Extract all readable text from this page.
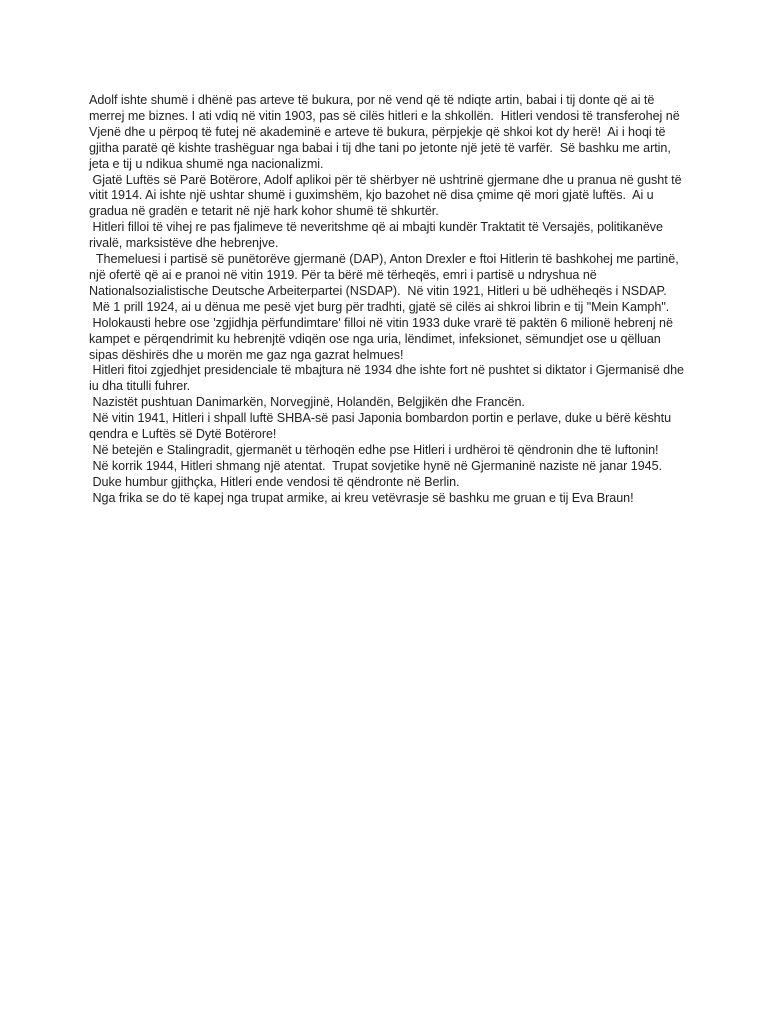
Adolf ishte shumë i dhënë pas arteve të bukura, por në vend që të ndiqte artin, babai i tij donte që ai të merrej me biznes. I ati vdiq në vitin 1903, pas së cilës hitleri e la shkollën.  Hitleri vendosi të transferohej në Vjenë dhe u përpoq të futej në akademinë e arteve të bukura, përpjekje që shkoi kot dy herë!  Ai i hoqi të gjitha paratë që kishte trashëguar nga babai i tij dhe tani po jetonte një jetë të varfër.  Së bashku me artin, jeta e tij u ndikua shumë nga nacionalizmi.

Gjatë Luftës së Parë Botërore, Adolf aplikoi për të shërbyer në ushtrinë gjermane dhe u pranua në gusht të vitit 1914. Ai ishte një ushtar shumë i guximshëm, kjo bazohet në disa çmime që mori gjatë luftës.  Ai u gradua në gradën e tetarit në një hark kohor shumë të shkurtër.

Hitleri filloi të vihej re pas fjalimeve të neveritshme që ai mbajti kundër Traktatit të Versajës, politikanëve rivalë, marksistëve dhe hebrenjve.

Themeluesi i partisë së punëtorëve gjermanë (DAP), Anton Drexler e ftoi Hitlerin të bashkohej me partinë, një ofertë që ai e pranoi në vitin 1919. Për ta bërë më tërheqës, emri i partisë u ndryshua në Nationalsozialistische Deutsche Arbeiterpartei (NSDAP).  Në vitin 1921, Hitleri u bë udhëheqës i NSDAP.

Më 1 prill 1924, ai u dënua me pesë vjet burg për tradhti, gjatë së cilës ai shkroi librin e tij "Mein Kamph".

Holokausti hebre ose 'zgjidhja përfundimtare' filloi në vitin 1933 duke vrarë të paktën 6 milionë hebrenj në kampet e përqendrimit ku hebrenjtë vdiqën ose nga uria, lëndimet, infeksionet, sëmundjet ose u qëlluan sipas dëshirës dhe u morën me gaz nga gazrat helmues!

Hitleri fitoi zgjedhjet presidenciale të mbajtura në 1934 dhe ishte fort në pushtet si diktator i Gjermanisë dhe iu dha titulli fuhrer.

Nazistët pushtuan Danimarkën, Norvegjinë, Holandën, Belgjikën dhe Francën.

Në vitin 1941, Hitleri i shpall luftë SHBA-së pasi Japonia bombardon portin e perlave, duke u bërë kështu qendra e Luftës së Dytë Botërore!

Në betejën e Stalingradit, gjermanët u tërhoqën edhe pse Hitleri i urdhëroi të qëndronin dhe të luftonin!

Në korrik 1944, Hitleri shmang një atentat.  Trupat sovjetike hynë në Gjermaninë naziste në janar 1945.

Duke humbur gjithçka, Hitleri ende vendosi të qëndronte në Berlin.

Nga frika se do të kapej nga trupat armike, ai kreu vetëvrasje së bashku me gruan e tij Eva Braun!
